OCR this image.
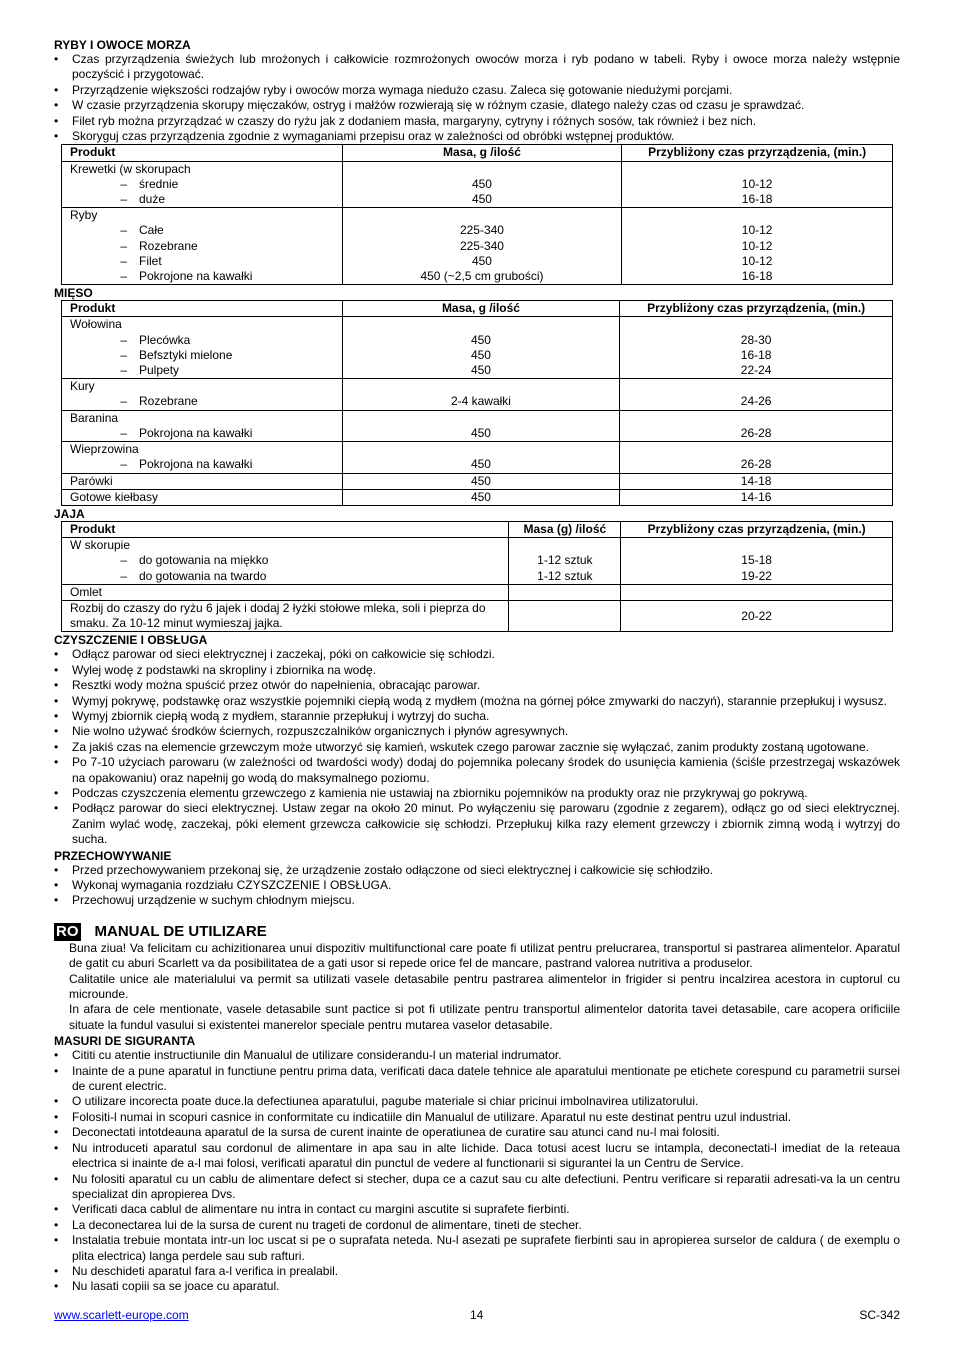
RYBY I OWOCE MORZA
• Czas przyrządzenia świeżych lub mrożonych i całkowicie rozmrożonych owoców morza i ryb podano w tabeli. Ryby i owoce morza należy wstępnie poczyścić i przygotować.
• Przyrządzenie większości rodzajów ryby i owoców morza wymaga niedużo czasu. Zaleca się gotowanie niedużymi porcjami.
• W czasie przyrządzenia skorupy mięczaków, ostryg i małżów rozwierają się w różnym czasie, dlatego należy czas od czasu je sprawdzać.
• Filet ryb można przyrządzać w czaszy do ryżu jak z dodaniem masła, margaryny, cytryny i różnych sosów, tak również i bez nich.
• Skoryguj czas przyrządzenia zgodnie z wymaganiami przepisu oraz w zależności od obróbki wstępnej produktów.
Produkt	Masa, g /ilość	Przybliżony czas przyrządzenia, (min.)
Krewetki (w skorupach		
– średnie	450	10-12
– duże	450	16-18
Ryby		
– Całe	225-340	10-12
– Rozebrane	225-340	10-12
– Filet	450	10-12
– Pokrojone na kawałki	450 (~2,5 cm grubości)	16-18
MIĘSO
Produkt	Masa, g /ilość	Przybliżony czas przyrządzenia, (min.)
Wołowina		
– Plecówka	450	28-30
– Befsztyki mielone	450	16-18
– Pulpety	450	22-24
Kury		
– Rozebrane	2-4 kawałki	24-26
Baranina		
– Pokrojona na kawałki	450	26-28
Wieprzowina		
– Pokrojona na kawałki	450	26-28
Parówki	450	14-18
Gotowe kiełbasy	450	14-16
JAJA
Produkt	Masa (g) /ilość	Przybliżony czas przyrządzenia, (min.)
W skorupie		
– do gotowania na miękko	1-12 sztuk	15-18
– do gotowania na twardo	1-12 sztuk	19-22
Omlet		
Rozbij do czaszy do ryżu 6 jajek i dodaj 2 łyżki stołowe mleka, soli i pieprza do smaku. Za 10-12 minut wymieszaj jajka.		20-22
CZYSZCZENIE I OBSŁUGA
• Odłącz parowar od sieci elektrycznej i zaczekaj, póki on całkowicie się schłodzi.
• Wylej wodę z podstawki na skropliny i zbiornika na wodę.
• Resztki wody można spuścić przez otwór do napełnienia, obracając parowar.
• Wymyj pokrywę, podstawkę oraz wszystkie pojemniki ciepłą wodą z mydłem (można na górnej półce zmywarki do naczyń), starannie przepłukuj i wysusz.
• Wymyj zbiornik ciepłą wodą z mydłem, starannie przepłukuj i wytrzyj do sucha.
• Nie wolno używać środków ściernych, rozpuszczalników organicznych i płynów agresywnych.
• Za jakiś czas na elemencie grzewczym może utworzyć się kamień, wskutek czego parowar zacznie się wyłączać, zanim produkty zostaną ugotowane.
• Po 7-10 użyciach parowaru (w zależności od twardości wody) dodaj do pojemnika polecany środek do usunięcia kamienia (ściśle przestrzegaj wskazówek na opakowaniu) oraz napełnij go wodą do maksymalnego poziomu.
• Podczas czyszczenia elementu grzewczego z kamienia nie ustawiaj na zbiorniku pojemników na produkty oraz nie przykrywaj go pokrywą.
• Podłącz parowar do sieci elektrycznej. Ustaw zegar na około 20 minut. Po wyłączeniu się parowaru (zgodnie z zegarem), odłącz go od sieci elektrycznej. Zanim wylać wodę, zaczekaj, póki element grzewcza całkowicie się schłodzi. Przepłukuj kilka razy element grzewczy i zbiornik zimną wodą i wytrzyj do sucha.
PRZECHOWYWANIE
• Przed przechowywaniem przekonaj się, że urządzenie zostało odłączone od sieci elektrycznej i całkowicie się schłodziło.
• Wykonaj wymagania rozdziału CZYSZCZENIE I OBSŁUGA.
• Przechowuj urządzenie w suchym chłodnym miejscu.
RO MANUAL DE UTILIZARE
Buna ziua! Va felicitam cu achizitionarea unui dispozitiv multifunctional care poate fi utilizat pentru prelucrarea, transportul si pastrarea alimentelor. Aparatul de gatit cu aburi Scarlett va da posibilitatea de a gati usor si repede orice fel de mancare, pastrand valorea nutritiva a produselor.
Calitatile unice ale materialului va permit sa utilizati vasele detasabile pentru pastrarea alimentelor in frigider si pentru incalzirea acestora in cuptorul cu microunde.
In afara de cele mentionate, vasele detasabile sunt pactice si pot fi utilizate pentru transportul alimentelor datorita tavei detasabile, care acopera orificiile situate la fundul vasului si existentei manerelor speciale pentru mutarea vaselor detasabile.
MASURI DE SIGURANTA
• Cititi cu atentie instructiunile din Manualul de utilizare considerandu-l un material indrumator.
• Inainte de a pune aparatul in functiune pentru prima data, verificati daca datele tehnice ale aparatului mentionate pe etichete corespund cu parametrii sursei de curent electric.
• O utilizare incorecta poate duce.la defectiunea aparatului, pagube materiale si chiar pricinui imbolnavirea utilizatorului.
• Folositi-l numai in scopuri casnice in conformitate cu indicatiile din Manualul de utilizare. Aparatul nu este destinat pentru uzul industrial.
• Deconectati intotdeauna aparatul de la sursa de curent inainte de operatiunea de curatire sau atunci cand nu-l mai folositi.
• Nu introduceti aparatul sau cordonul de alimentare in apa sau in alte lichide. Daca totusi acest lucru se intampla, deconectati-l imediat de la reteaua electrica si inainte de a-l mai folosi, verificati aparatul din punctul de vedere al functionarii si sigurantei la un Centru de Service.
• Nu folositi aparatul cu un cablu de alimentare defect si stecher, dupa ce a cazut sau cu alte defectiuni. Pentru verificare si reparatii adresati-va la un centru specializat din apropierea Dvs.
• Verificati daca cablul de alimentare nu intra in contact cu margini ascutite si suprafete fierbinti.
• La deconectarea lui de la sursa de curent nu trageti de cordonul de alimentare, tineti de stecher.
• Instalatia trebuie montata intr-un loc uscat si pe o suprafata neteda. Nu-l asezati pe suprafete fierbinti sau in apropierea surselor de caldura ( de exemplu o plita electrica) langa perdele sau sub rafturi.
• Nu deschideti aparatul fara a-l verifica in prealabil.
• Nu lasati copiii sa se joace cu aparatul.
www.scarlett-europe.com	14	SC-342
